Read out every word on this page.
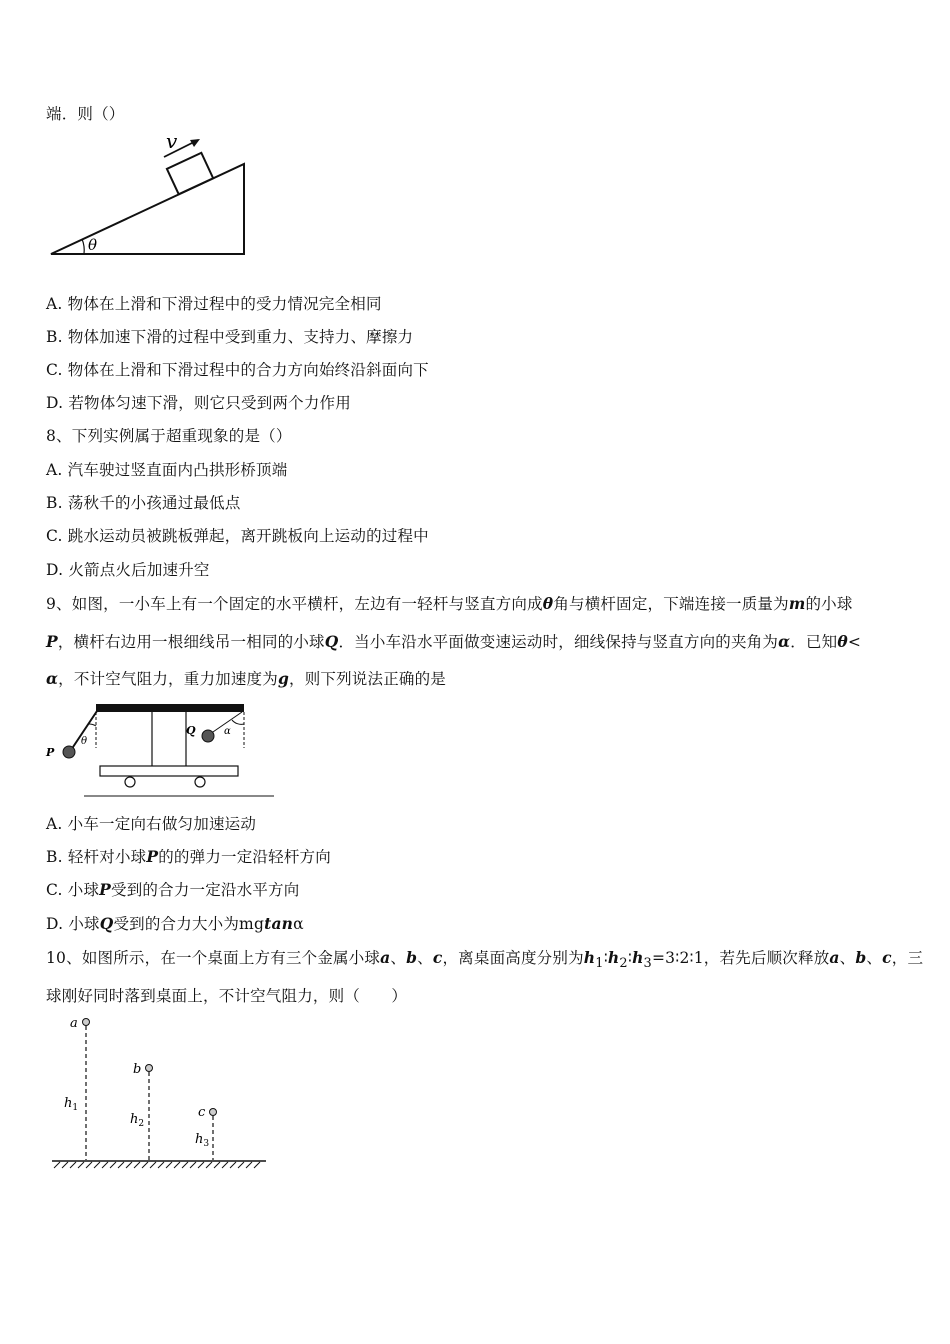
端．则（）
v
θ
A. 物体在上滑和下滑过程中的受力情况完全相同
B. 物体加速下滑的过程中受到重力、支持力、摩擦力
C. 物体在上滑和下滑过程中的合力方向始终沿斜面向下
D. 若物体匀速下滑，则它只受到两个力作用
8、下列实例属于超重现象的是（）
A. 汽车驶过竖直面内凸拱形桥顶端
B. 荡秋千的小孩通过最低点
C. 跳水运动员被跳板弹起，离开跳板向上运动的过程中
D. 火箭点火后加速升空
9、如图，一小车上有一个固定的水平横杆，左边有一轻杆与竖直方向成θ角与横杆固定，下端连接一质量为m的小球
P，横杆右边用一根细线吊一相同的小球Q．当小车沿水平面做变速运动时，细线保持与竖直方向的夹角为α．已知θ<
α，不计空气阻力，重力加速度为g，则下列说法正确的是
P
θ
Q	α
A. 小车一定向右做匀加速运动
B. 轻杆对小球P的的弹力一定沿轻杆方向
C. 小球P受到的合力一定沿水平方向
D. 小球Q受到的合力大小为mgtanα
10、如图所示，在一个桌面上方有三个金属小球a、b、c，离桌面高度分别为$h_1∶h_2∶h_3=3∶2∶1$，若先后顺次释放a、b、c，三
球刚好同时落到桌面上，不计空气阻力，则（　　）
a
b
c
$h_1$
$h_2$
$h_3$
